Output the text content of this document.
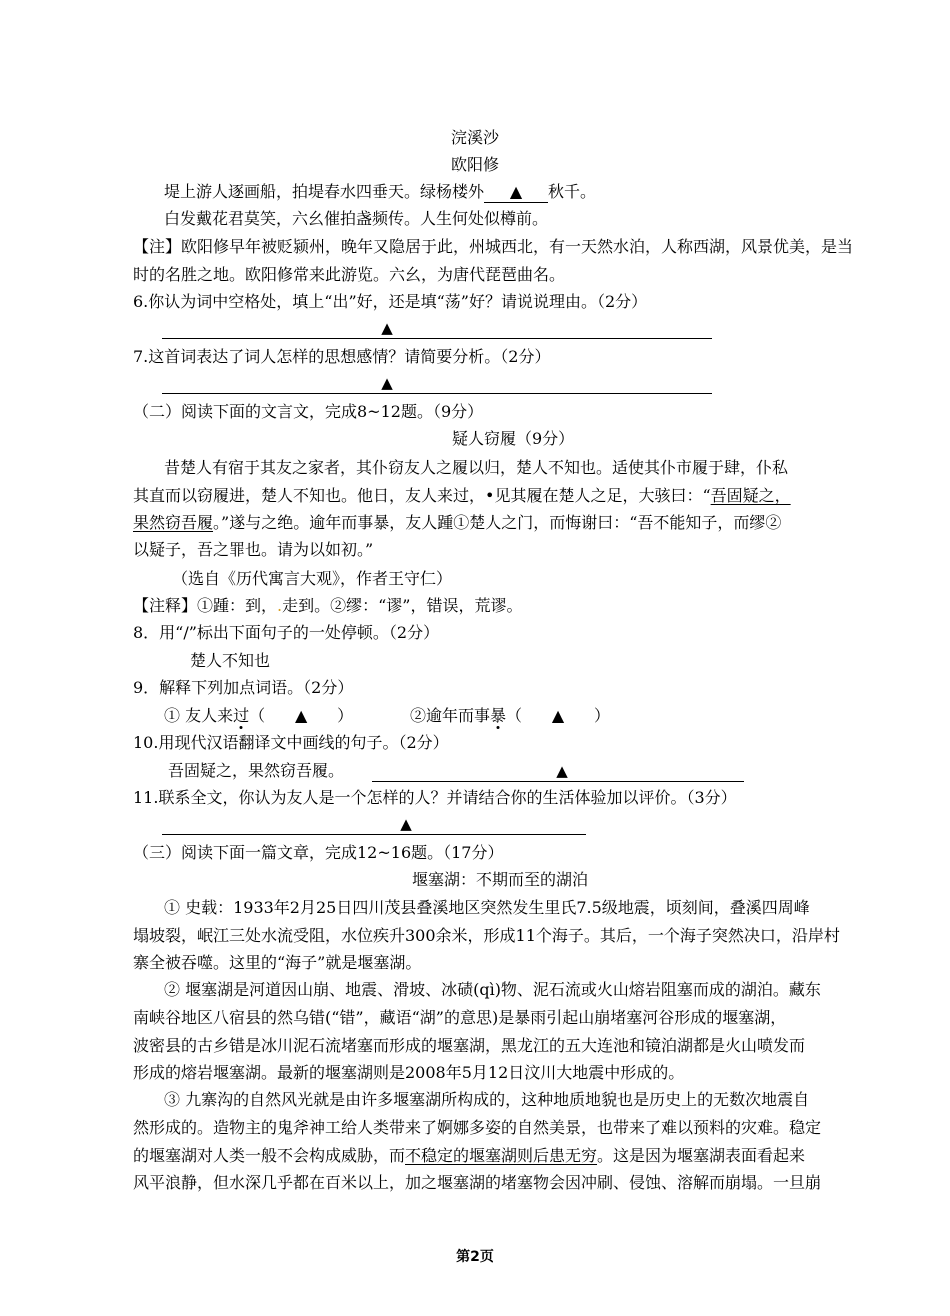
浣溪沙
欧阳修
堤上游人逐画船，拍堤春水四垂天。绿杨楼外 ▲ 秋千。
白发戴花君莫笑，六幺催拍盏频传。人生何处似樽前。
【注】欧阳修早年被贬颍州，晚年又隐居于此，州城西北，有一天然水泊，人称西湖，风景优美，是当
时的名胜之地。欧阳修常来此游览。六幺，为唐代琵琶曲名。
6.你认为词中空格处，填上“出”好，还是填“荡”好？请说说理由。（2分）
▲
7.这首词表达了词人怎样的思想感情？请简要分析。（2分）
▲
（二）阅读下面的文言文，完成8~12题。（9分）
疑人窃履（9分）
昔楚人有宿于其友之家者，其仆窃友人之履以归，楚人不知也。适使其仆市履于肆，仆私
其直而以窃履进，楚人不知也。他日，友人来过，•见其履在楚人之足，大骇曰：“吾固疑之，
果然窃吾履。”遂与之绝。逾年而事暴，友人踵①楚人之门，而悔谢曰：“吾不能知子，而缪②
以疑子，吾之罪也。请为以如初。”
（选自《历代寓言大观》，作者王守仁）
【注释】①踵：到，.走到。②缪：“谬”，错误，荒谬。
8．用“/”标出下面句子的一处停顿。（2分）
楚人不知也
9．解释下列加点词语。（2分）
① 友人来过（ ▲ ）	②逾年而事暴（ ▲ ）
10.用现代汉语翻译文中画线的句子。（2分）
吾固疑之，果然窃吾履。	▲
11.联系全文，你认为友人是一个怎样的人？并请结合你的生活体验加以评价。（3分）
▲
（三）阅读下面一篇文章，完成12~16题。（17分）
堰塞湖：不期而至的湖泊
① 史载：1933年2月25日四川茂县叠溪地区突然发生里氏7.5级地震，顷刻间，叠溪四周峰
塌坡裂，岷江三处水流受阻，水位疾升300余米，形成11个海子。其后，一个海子突然决口，沿岸村
寨全被吞噬。这里的“海子”就是堰塞湖。
② 堰塞湖是河道因山崩、地震、滑坡、冰碛(qì)物、泥石流或火山熔岩阻塞而成的湖泊。藏东
南峡谷地区八宿县的然乌错(“错”，藏语“湖”的意思)是暴雨引起山崩堵塞河谷形成的堰塞湖，
波密县的古乡错是冰川泥石流堵塞而形成的堰塞湖，黑龙江的五大连池和镜泊湖都是火山喷发而
形成的熔岩堰塞湖。最新的堰塞湖则是2008年5月12日汶川大地震中形成的。
③ 九寨沟的自然风光就是由许多堰塞湖所构成的，这种地质地貌也是历史上的无数次地震自
然形成的。造物主的鬼斧神工给人类带来了婀娜多姿的自然美景，也带来了难以预料的灾难。稳定
的堰塞湖对人类一般不会构成威胁，而不稳定的堰塞湖则后患无穷。这是因为堰塞湖表面看起来
风平浪静，但水深几乎都在百米以上，加之堰塞湖的堵塞物会因冲刷、侵蚀、溶解而崩塌。一旦崩
第2页
